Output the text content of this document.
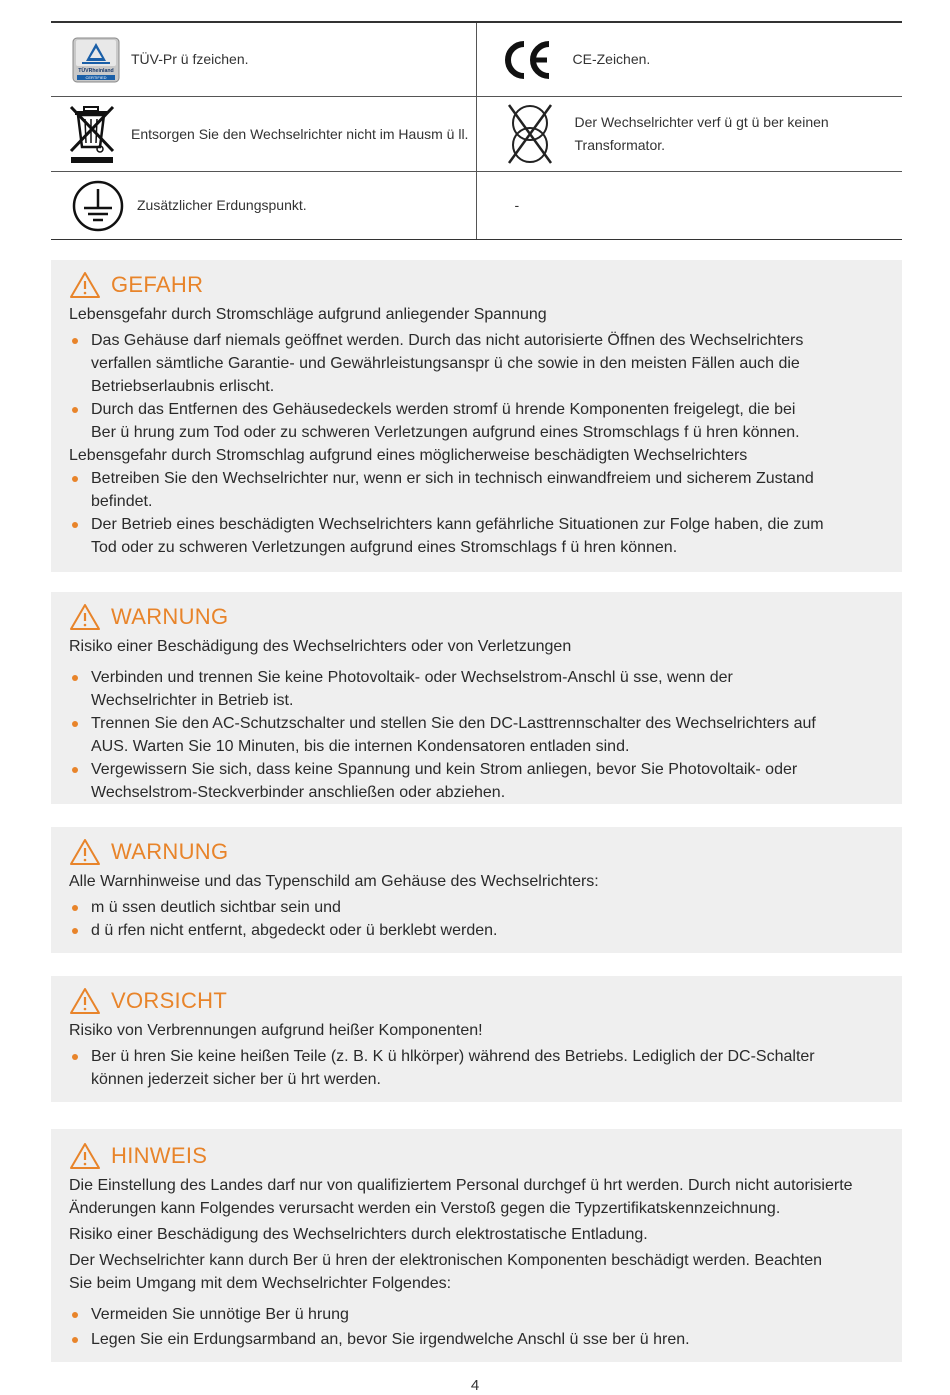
TÜVRheinland
CERTIFIED
TÜV-Pr ü fzeichen.	CE-Zeichen.
Entsorgen Sie den Wechselrichter nicht im Hausm ü ll.
Der Wechselrichter verf ü gt ü ber keinen
Transformator.
Zusätzlicher Erdungspunkt.	-
GEFAHR
Lebensgefahr durch Stromschläge aufgrund anliegender Spannung
Das Gehäuse darf niemals geöffnet werden. Durch das nicht autorisierte Öffnen des Wechselrichters
verfallen sämtliche Garantie- und Gewährleistungsanspr ü che sowie in den meisten Fällen auch die
Betriebserlaubnis erlischt.
Durch das Entfernen des Gehäusedeckels werden stromf ü hrende Komponenten freigelegt, die bei
Ber ü hrung zum Tod oder zu schweren Verletzungen aufgrund eines Stromschlags f ü hren können.
Lebensgefahr durch Stromschlag aufgrund eines möglicherweise beschädigten Wechselrichters
Betreiben Sie den Wechselrichter nur, wenn er sich in technisch einwandfreiem und sicherem Zustand
befindet.
Der Betrieb eines beschädigten Wechselrichters kann gefährliche Situationen zur Folge haben, die zum
Tod oder zu schweren Verletzungen aufgrund eines Stromschlags f ü hren können.
WARNUNG
Risiko einer Beschädigung des Wechselrichters oder von Verletzungen
Verbinden und trennen Sie keine Photovoltaik- oder Wechselstrom-Anschl ü sse, wenn der
Wechselrichter in Betrieb ist.
Trennen Sie den AC-Schutzschalter und stellen Sie den DC-Lasttrennschalter des Wechselrichters auf
AUS. Warten Sie 10 Minuten, bis die internen Kondensatoren entladen sind.
Vergewissern Sie sich, dass keine Spannung und kein Strom anliegen, bevor Sie Photovoltaik- oder
Wechselstrom-Steckverbinder anschließen oder abziehen.
WARNUNG
Alle Warnhinweise und das Typenschild am Gehäuse des Wechselrichters:
m ü ssen deutlich sichtbar sein und
d ü rfen nicht entfernt, abgedeckt oder ü berklebt werden.
VORSICHT
Risiko von Verbrennungen aufgrund heißer Komponenten!
Ber ü hren Sie keine heißen Teile (z. B. K ü hlkörper) während des Betriebs. Lediglich der DC-Schalter
können jederzeit sicher ber ü hrt werden.
HINWEIS
Die Einstellung des Landes darf nur von qualifiziertem Personal durchgef ü hrt werden. Durch nicht autorisierte
Änderungen kann Folgendes verursacht werden ein Verstoß gegen die Typzertifikatskennzeichnung.
Risiko einer Beschädigung des Wechselrichters durch elektrostatische Entladung.
Der Wechselrichter kann durch Ber ü hren der elektronischen Komponenten beschädigt werden. Beachten
Sie beim Umgang mit dem Wechselrichter Folgendes:
Vermeiden Sie unnötige Ber ü hrung
Legen Sie ein Erdungsarmband an, bevor Sie irgendwelche Anschl ü sse ber ü hren.
4
